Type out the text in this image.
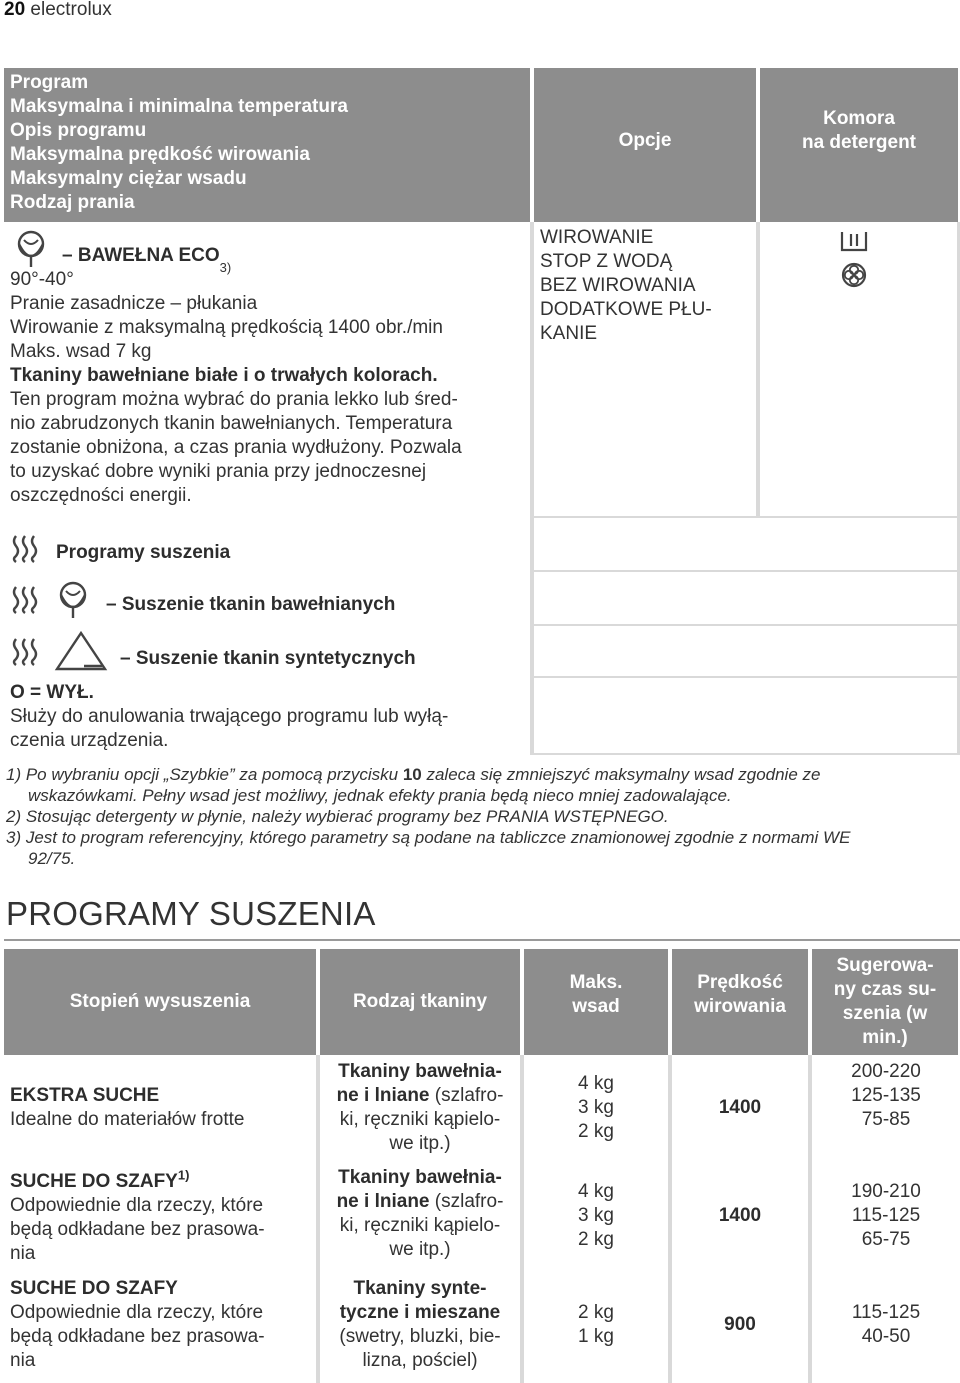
20 electrolux
Program
Maksymalna i minimalna temperatura
Opis programu
Maksymalna prędkość wirowania
Maksymalny ciężar wsadu
Rodzaj prania
Opcje
Komora
na detergent
– BAWEŁNA ECO
3)
90°-40°
Pranie zasadnicze – płukania
Wirowanie z maksymalną prędkością 1400 obr./min
Maks. wsad 7 kg
Tkaniny bawełniane białe i o trwałych kolorach.
Ten program można wybrać do prania lekko lub śred-
nio zabrudzonych tkanin bawełnianych. Temperatura
zostanie obniżona, a czas prania wydłużony. Pozwala
to uzyskać dobre wyniki prania przy jednoczesnej
oszczędności energii.
WIROWANIE
STOP Z WODĄ
BEZ WIROWANIA
DODATKOWE PŁU-
KANIE
Programy suszenia
– Suszenie tkanin bawełnianych
– Suszenie tkanin syntetycznych
O = WYŁ.
Służy do anulowania trwającego programu lub wyłą-
czenia urządzenia.
1) Po wybraniu opcji „Szybkie” za pomocą przycisku 10 zaleca się zmniejszyć maksymalny wsad zgodnie ze
wskazówkami. Pełny wsad jest możliwy, jednak efekty prania będą nieco mniej zadowalające.
2) Stosując detergenty w płynie, należy wybierać programy bez PRANIA WSTĘPNEGO.
3) Jest to program referencyjny, którego parametry są podane na tabliczce znamionowej zgodnie z normami WE
92/75.
PROGRAMY SUSZENIA
Stopień wysuszenia	Rodzaj tkaniny
Maks.
wsad
Prędkość
wirowania
Sugerowa-
ny czas su-
szenia (w
min.)
EKSTRA SUCHE
Idealne do materiałów frotte
Tkaniny bawełnia-
ne i lniane (szlafro-
ki, ręczniki kąpielo-
we itp.)
4 kg
3 kg
2 kg
1400
200-220
125-135
75-85
SUCHE DO SZAFY$^{1)}$
Odpowiednie dla rzeczy, które
będą odkładane bez prasowa-
nia
Tkaniny bawełnia-
ne i lniane (szlafro-
ki, ręczniki kąpielo-
we itp.)
4 kg
3 kg
2 kg
1400
190-210
115-125
65-75
SUCHE DO SZAFY
Odpowiednie dla rzeczy, które
będą odkładane bez prasowa-
nia
Tkaniny synte-
tyczne i mieszane
(swetry, bluzki, bie-
lizna, pościel)
2 kg
1 kg
900
115-125
40-50
